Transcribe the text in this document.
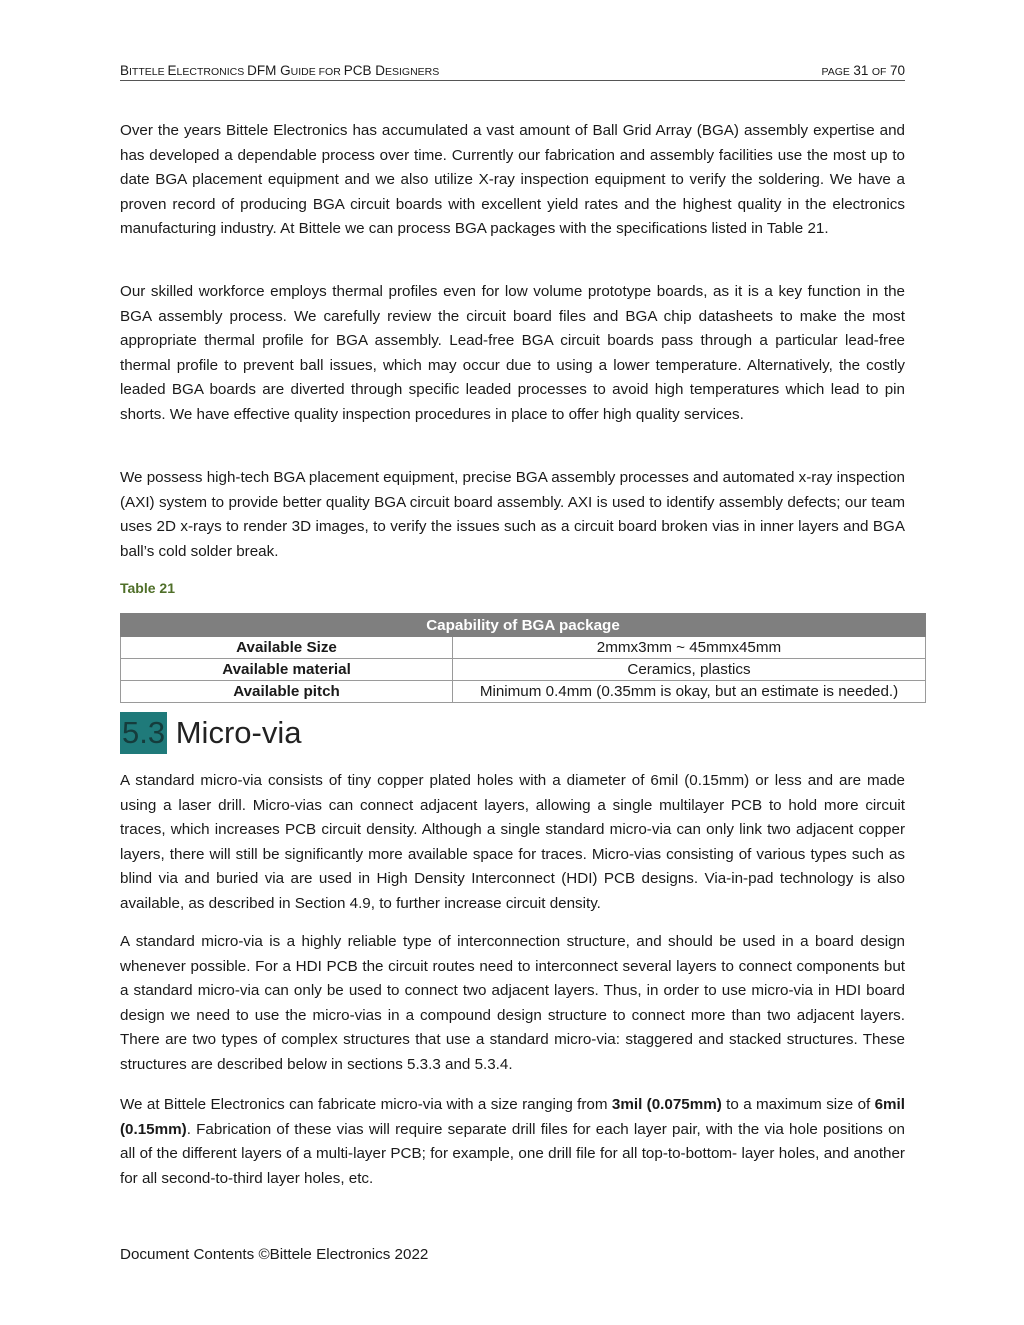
BITTELE ELECTRONICS DFM GUIDE FOR PCB DESIGNERS	PAGE 31 OF 70

Over the years Bittele Electronics has accumulated a vast amount of Ball Grid Array (BGA) assembly expertise and has developed a dependable process over time. Currently our fabrication and assembly facilities use the most up to date BGA placement equipment and we also utilize X-ray inspection equipment to verify the soldering. We have a proven record of producing BGA circuit boards with excellent yield rates and the highest quality in the electronics manufacturing industry. At Bittele we can process BGA packages with the specifications listed in Table 21.

Our skilled workforce employs thermal profiles even for low volume prototype boards, as it is a key function in the BGA assembly process. We carefully review the circuit board files and BGA chip datasheets to make the most appropriate thermal profile for BGA assembly. Lead-free BGA circuit boards pass through a particular lead-free thermal profile to prevent ball issues, which may occur due to using a lower temperature. Alternatively, the costly leaded BGA boards are diverted through specific leaded processes to avoid high temperatures which lead to pin shorts. We have effective quality inspection procedures in place to offer high quality services.

We possess high-tech BGA placement equipment, precise BGA assembly processes and automated x-ray inspection (AXI) system to provide better quality BGA circuit board assembly. AXI is used to identify assembly defects; our team uses 2D x-rays to render 3D images, to verify the issues such as a circuit board broken vias in inner layers and BGA ball’s cold solder break.

Table 21
Capability of BGA package	
Available Size	2mmx3mm ~ 45mmx45mm
Available material	Ceramics, plastics
Available pitch	Minimum 0.4mm (0.35mm is okay, but an estimate is needed.)
5.3 Micro-via

A standard micro-via consists of tiny copper plated holes with a diameter of 6mil (0.15mm) or less and are made using a laser drill. Micro-vias can connect adjacent layers, allowing a single multilayer PCB to hold more circuit traces, which increases PCB circuit density. Although a single standard micro-via can only link two adjacent copper layers, there will still be significantly more available space for traces. Micro-vias consisting of various types such as blind via and buried via are used in High Density Interconnect (HDI) PCB designs. Via-in-pad technology is also available, as described in Section 4.9, to further increase circuit density.

A standard micro-via is a highly reliable type of interconnection structure, and should be used in a board design whenever possible. For a HDI PCB the circuit routes need to interconnect several layers to connect components but a standard micro-via can only be used to connect two adjacent layers. Thus, in order to use micro-via in HDI board design we need to use the micro-vias in a compound design structure to connect more than two adjacent layers. There are two types of complex structures that use a standard micro-via: staggered and stacked structures. These structures are described below in sections 5.3.3 and 5.3.4.

We at Bittele Electronics can fabricate micro-via with a size ranging from 3mil (0.075mm) to a maximum size of 6mil (0.15mm). Fabrication of these vias will require separate drill files for each layer pair, with the via hole positions on all of the different layers of a multi-layer PCB; for example, one drill file for all top-to-bottom- layer holes, and another for all second-to-third layer holes, etc.

Document Contents ©Bittele Electronics 2022
